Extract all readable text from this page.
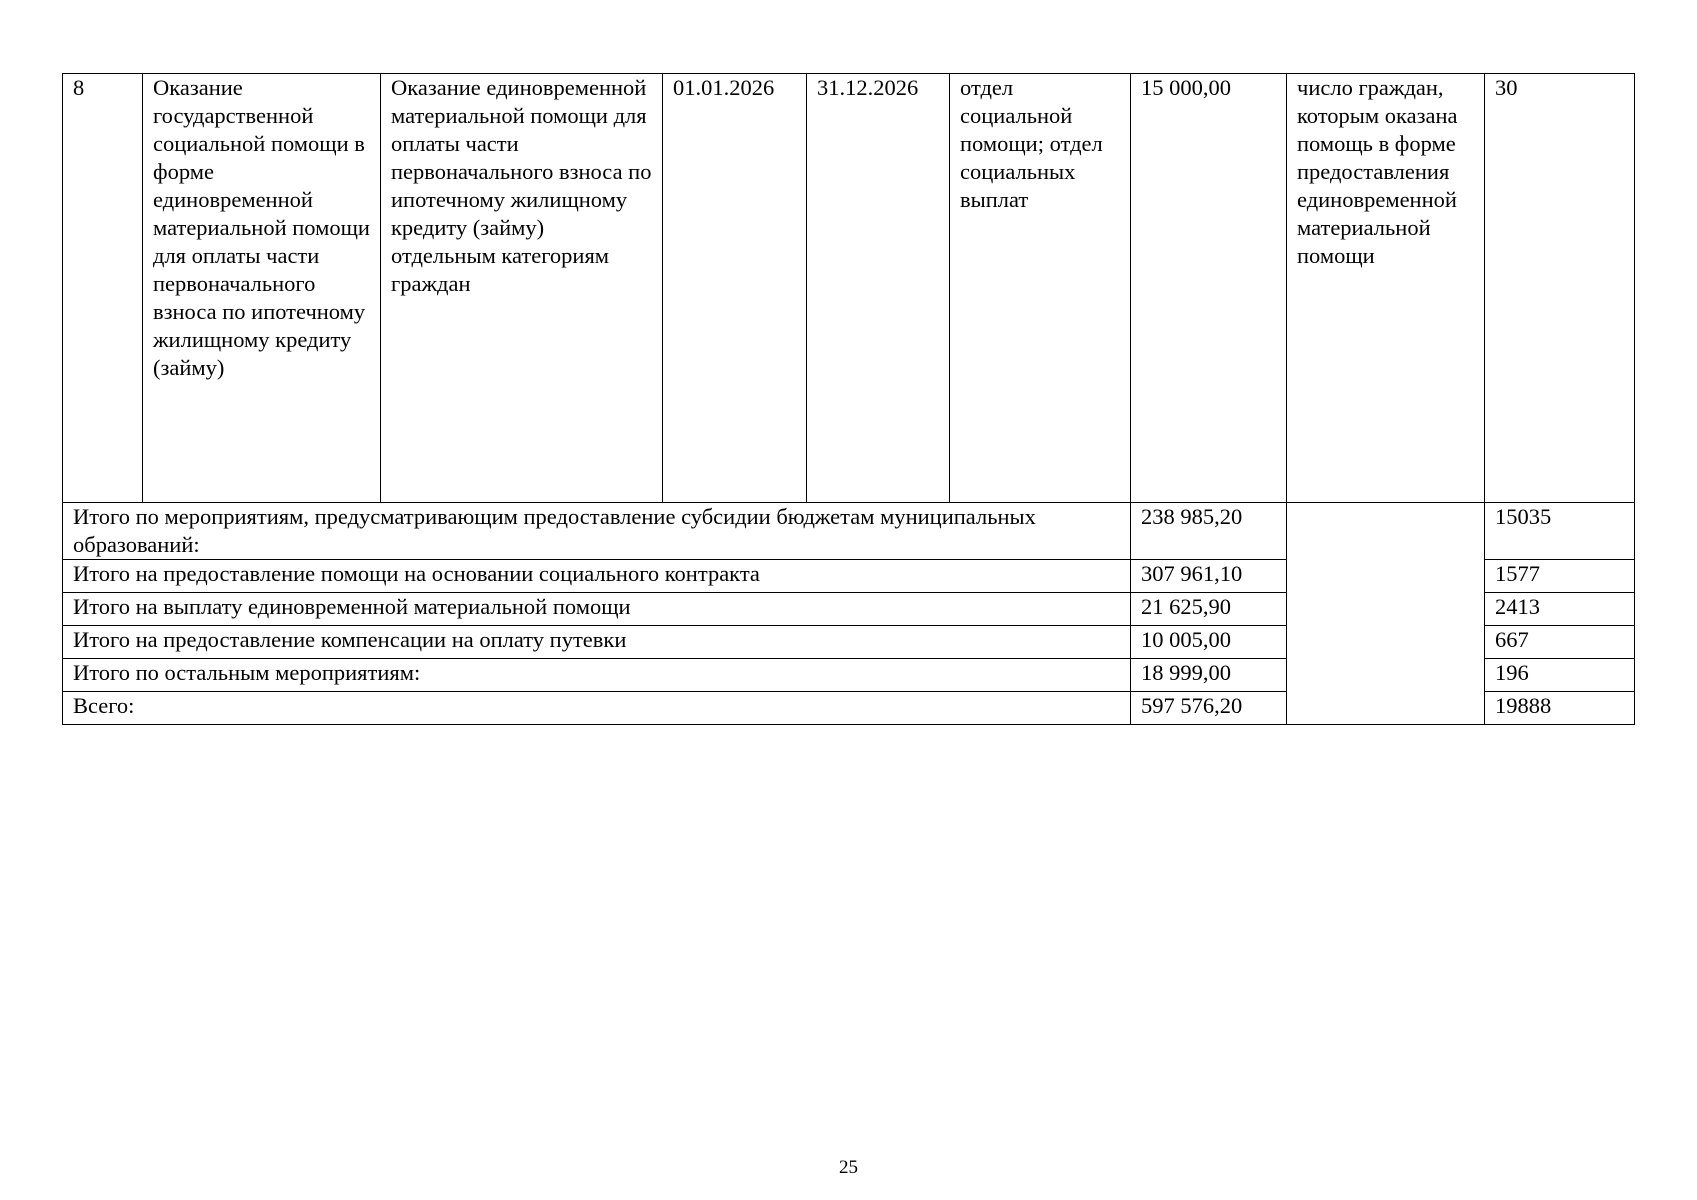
8	Оказание государственной социальной помощи в форме единовременной материальной помощи для оплаты части первоначального взноса по ипотечному жилищному кредиту (займу)	Оказание единовременной материальной помощи для оплаты части первоначального взноса по ипотечному жилищному кредиту (займу) отдельным категориям граждан	01.01.2026	31.12.2026	отдел социальной помощи; отдел социальных выплат	15 000,00	число граждан, которым оказана помощь в форме предоставления единовременной материальной помощи	30
Итого по мероприятиям, предусматривающим предоставление субсидии бюджетам муниципальных образований:						238 985,20		15035
Итого на предоставление помощи на основании социального контракта						307 961,10		1577
Итого на выплату единовременной материальной помощи						21 625,90		2413
Итого на предоставление компенсации на оплату путевки						10 005,00		667
Итого по остальным мероприятиям:						18 999,00		196
Всего:						597 576,20		19888
25
